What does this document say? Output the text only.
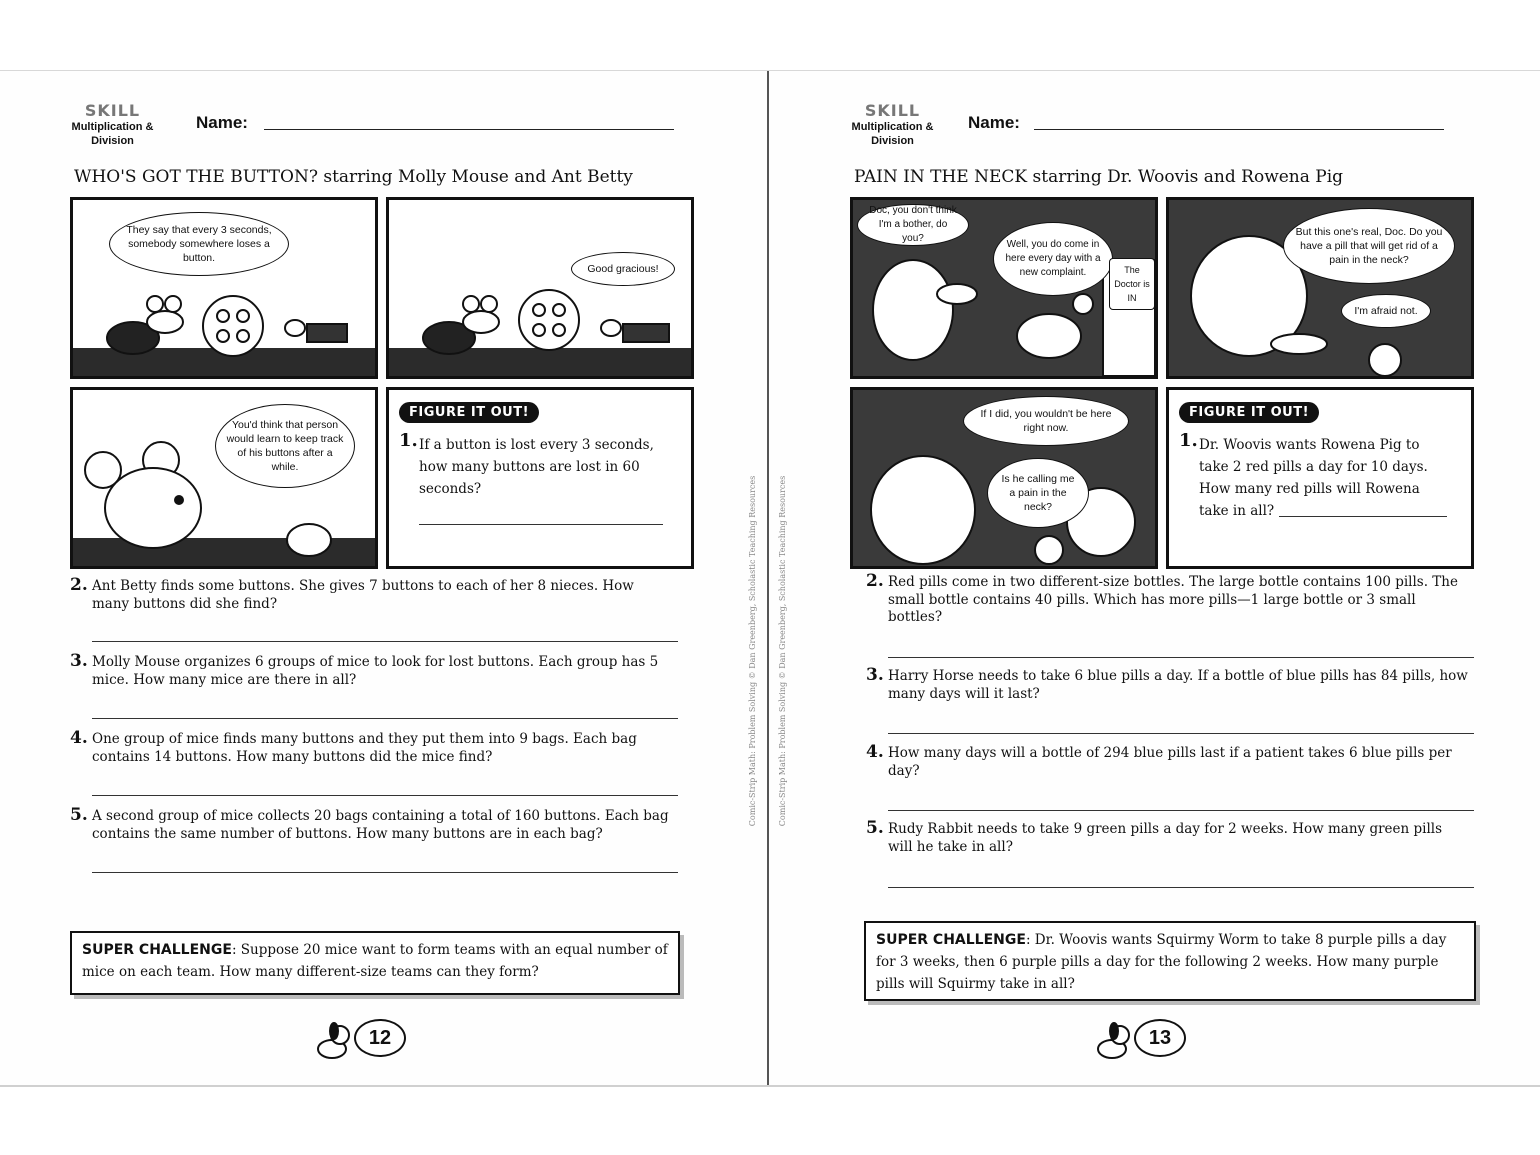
Comic-Strip Math: Problem Solving © Dan Greenberg, Scholastic Teaching Resources	Comic-Strip Math: Problem Solving © Dan Greenberg, Scholastic Teaching Resources
SKILL
Multiplication & Division
Name:
WHO'S GOT THE BUTTON? starring Molly Mouse and Ant Betty
They say that every 3 seconds, somebody somewhere loses a button.
Good gracious!
You'd think that person would learn to keep track of his buttons after a while.
FIGURE IT OUT!
1. If a button is lost every 3 seconds, how many buttons are lost in 60 seconds?
2. Ant Betty finds some buttons. She gives 7 buttons to each of her 8 nieces. How many buttons did she find?
3. Molly Mouse organizes 6 groups of mice to look for lost buttons. Each group has 5 mice. How many mice are there in all?
4. One group of mice finds many buttons and they put them into 9 bags. Each bag contains 14 buttons. How many buttons did the mice find?
5. A second group of mice collects 20 bags containing a total of 160 buttons. Each bag contains the same number of buttons. How many buttons are in each bag?
SUPER CHALLENGE: Suppose 20 mice want to form teams with an equal number of mice on each team. How many different-size teams can they form?
12
SKILL
Multiplication & Division
Name:
PAIN IN THE NECK starring Dr. Woovis and Rowena Pig
Doc, you don't think I'm a bother, do you?
Well, you do come in here every day with a new complaint.	The Doctor is IN
But this one's real, Doc. Do you have a pill that will get rid of a pain in the neck?
I'm afraid not.
If I did, you wouldn't be here right now.
Is he calling me a pain in the neck?
FIGURE IT OUT!
1. Dr. Woovis wants Rowena Pig to take 2 red pills a day for 10 days. How many red pills will Rowena take in all?
2. Red pills come in two different-size bottles. The large bottle contains 100 pills. The small bottle contains 40 pills. Which has more pills—1 large bottle or 3 small bottles?
3. Harry Horse needs to take 6 blue pills a day. If a bottle of blue pills has 84 pills, how many days will it last?
4. How many days will a bottle of 294 blue pills last if a patient takes 6 blue pills per day?
5. Rudy Rabbit needs to take 9 green pills a day for 2 weeks. How many green pills will he take in all?
SUPER CHALLENGE: Dr. Woovis wants Squirmy Worm to take 8 purple pills a day for 3 weeks, then 6 purple pills a day for the following 2 weeks. How many purple pills will Squirmy take in all?
13
